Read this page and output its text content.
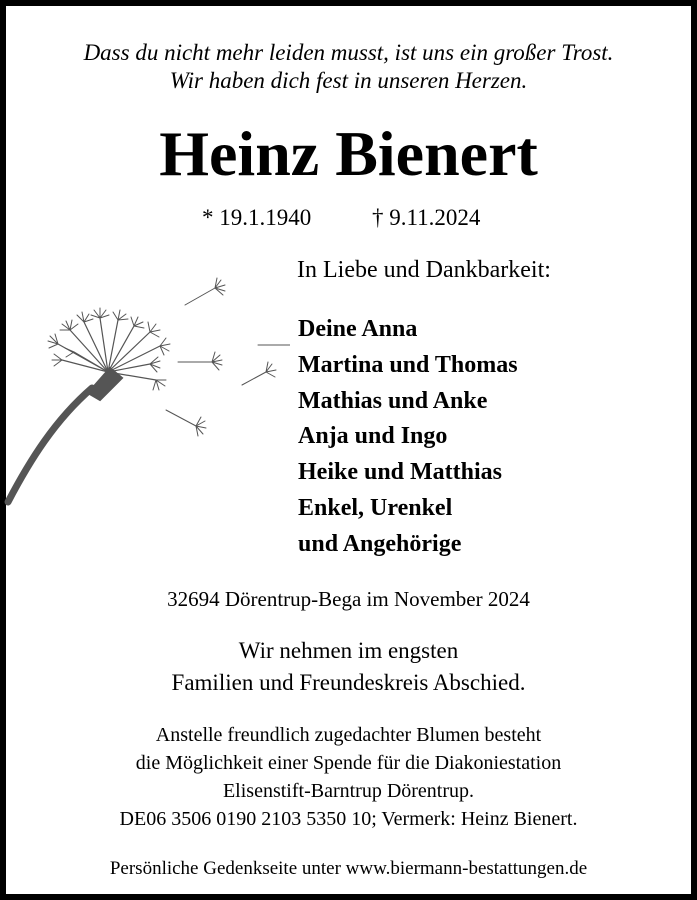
Dass du nicht mehr leiden musst, ist uns ein großer Trost.
Wir haben dich fest in unseren Herzen.
Heinz Bienert
* 19.1.1940	† 9.11.2024
In Liebe und Dankbarkeit:
Deine Anna
Martina und Thomas
Mathias und Anke
Anja und Ingo
Heike und Matthias
Enkel, Urenkel
und Angehörige
32694 Dörentrup-Bega im November 2024
Wir nehmen im engsten
Familien und Freundeskreis Abschied.
Anstelle freundlich zugedachter Blumen besteht
die Möglichkeit einer Spende für die Diakoniestation
Elisenstift-Barntrup Dörentrup.
DE06 3506 0190 2103 5350 10; Vermerk: Heinz Bienert.
Persönliche Gedenkseite unter www.biermann-bestattungen.de
